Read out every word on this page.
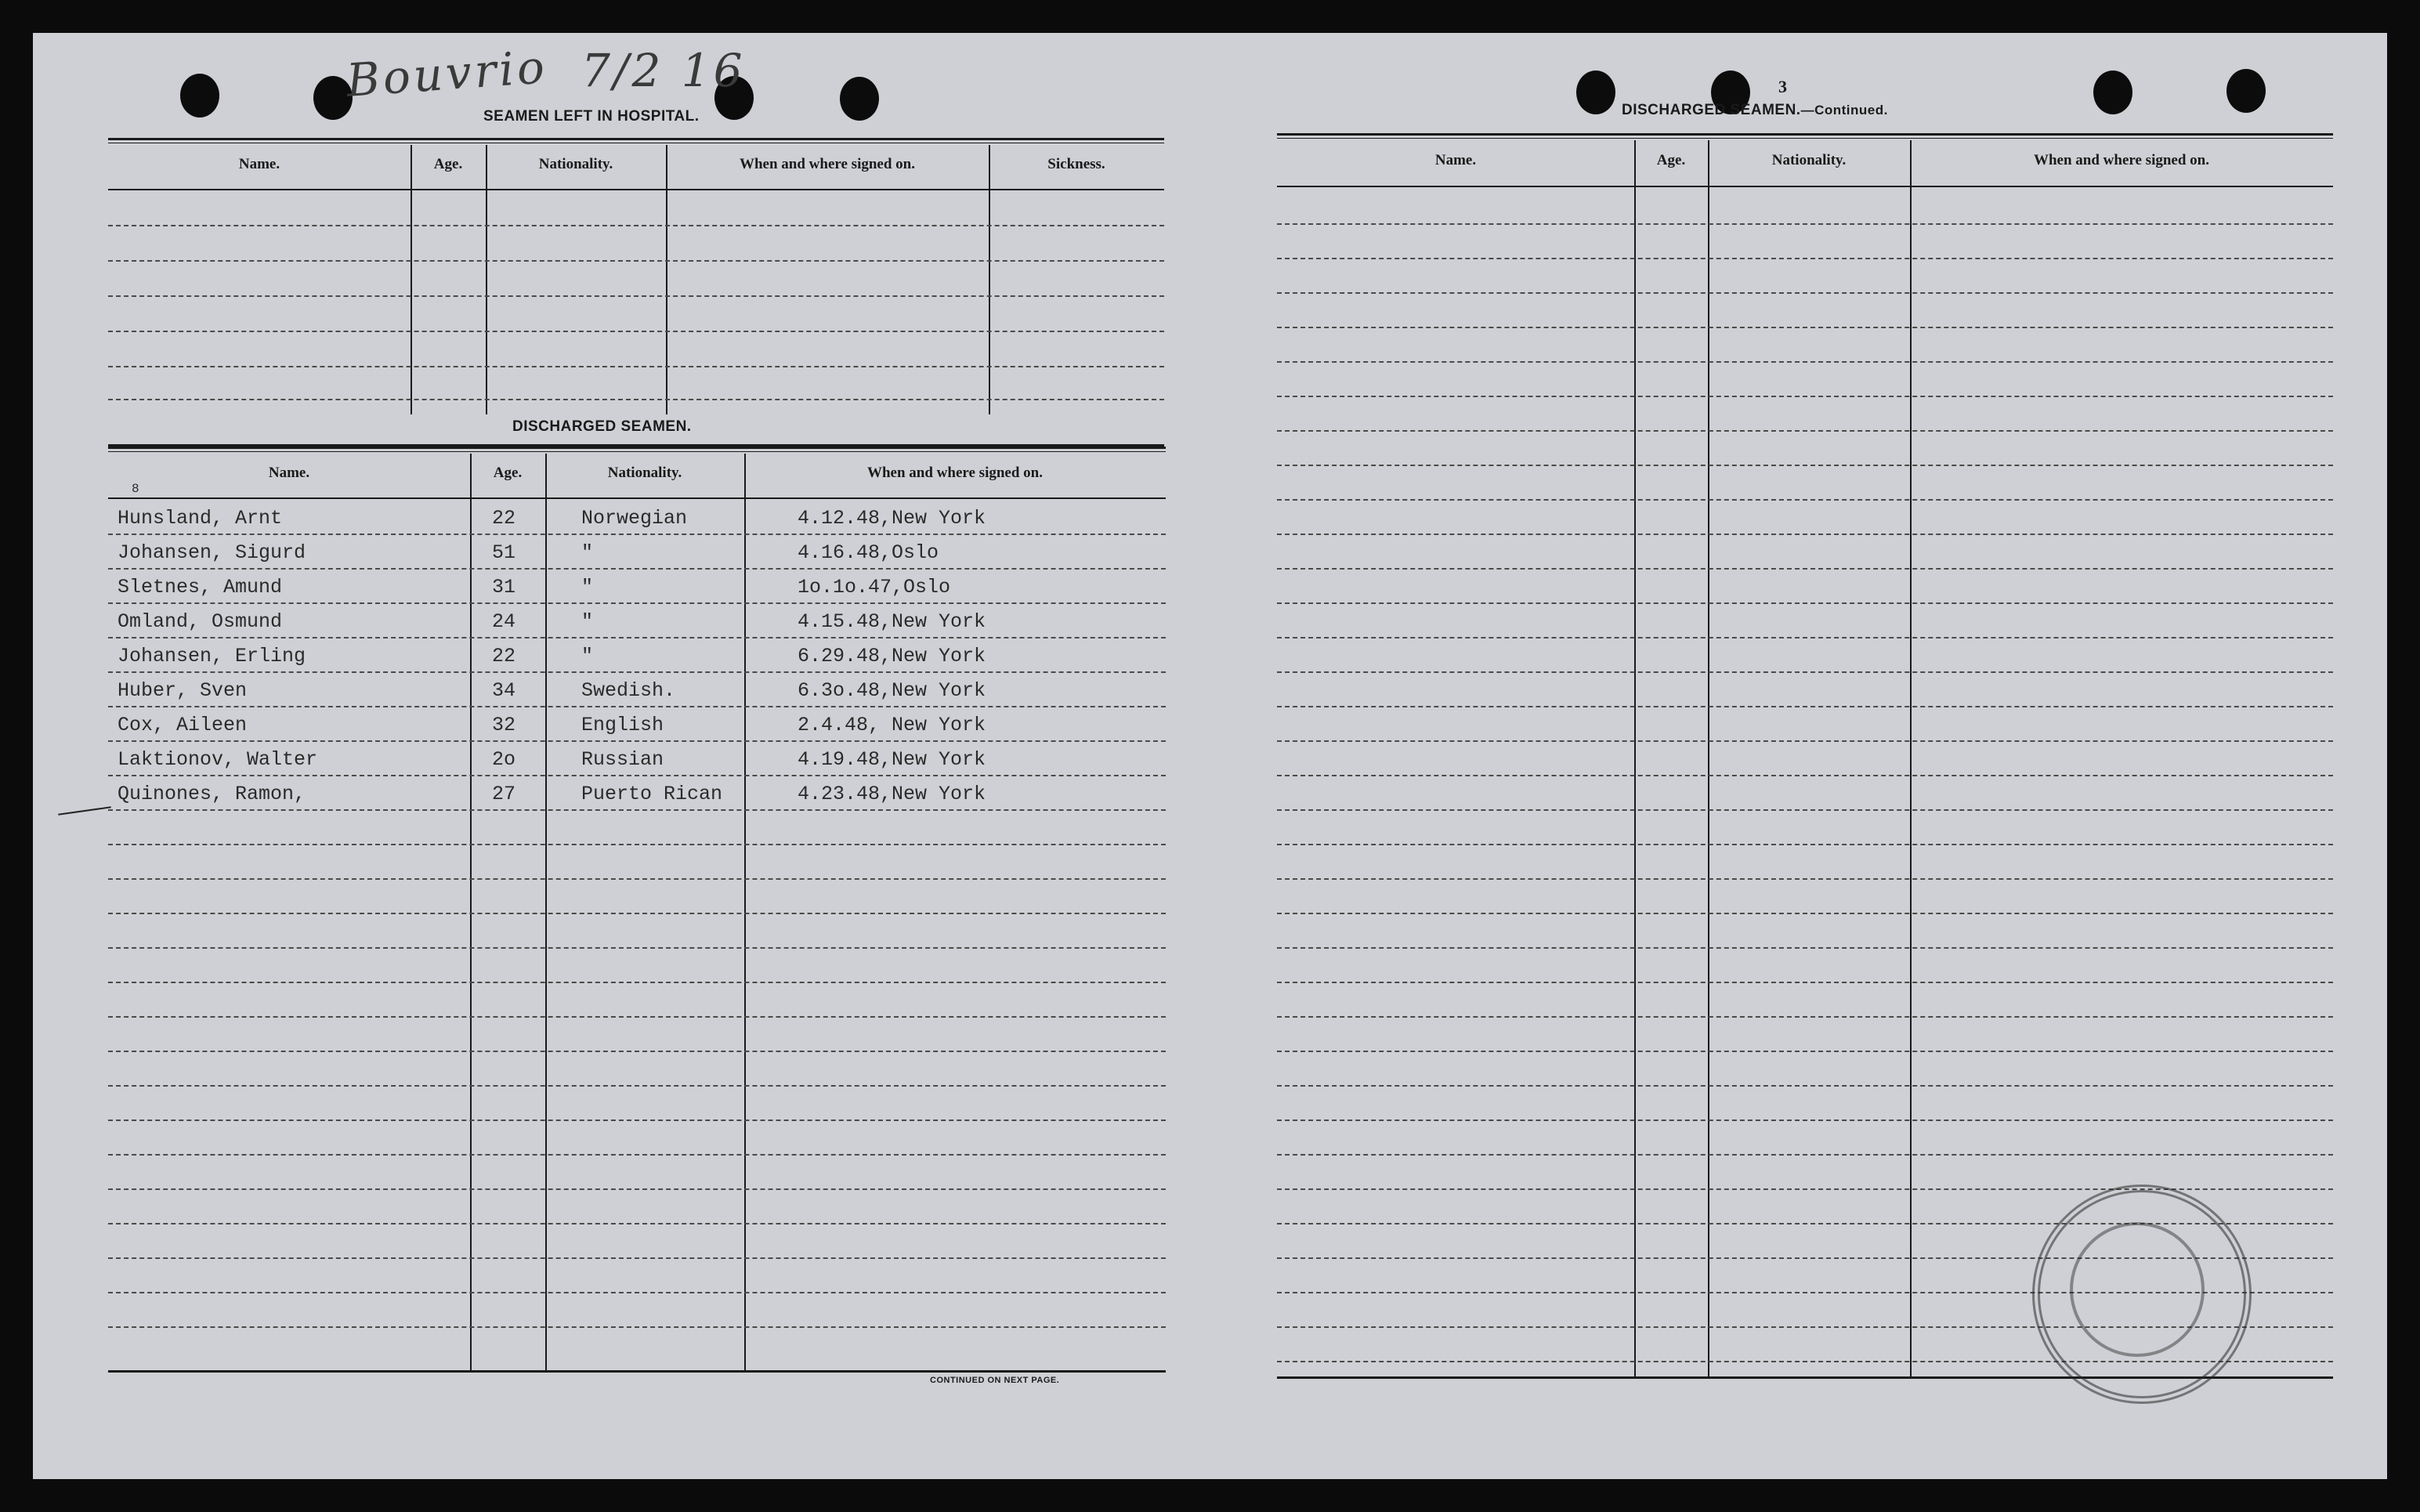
Bouvrio 7/2 16	3
SEAMEN LEFT IN HOSPITAL.
Name.	Age.	Nationality.	When and where signed on.	Sickness.
DISCHARGED SEAMEN.
Name.	Age.	Nationality.	When and where signed on.
Hunsland, Arnt	22	Norwegian	4.12.48,New York
Johansen, Sigurd	51	"	4.16.48,Oslo
Sletnes, Amund	31	"	1o.1o.47,Oslo
Omland, Osmund	24	"	4.15.48,New York
Johansen, Erling	22	"	6.29.48,New York
Huber, Sven	34	Swedish.	6.3o.48,New York
Cox, Aileen	32	English	2.4.48, New York
Laktionov, Walter	2o	Russian	4.19.48,New York
Quinones, Ramon,	27	Puerto Rican	4.23.48,New York
8
CONTINUED ON NEXT PAGE.
DISCHARGED SEAMEN.—Continued.
Name.	Age.	Nationality.	When and where signed on.
